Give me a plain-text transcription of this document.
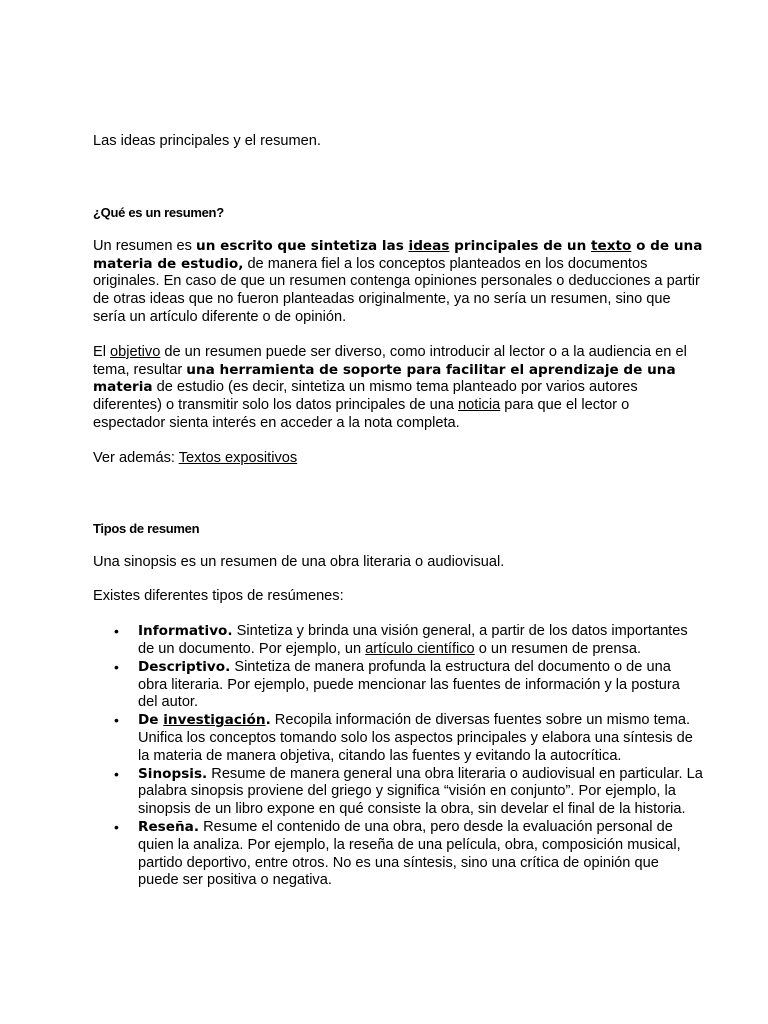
Las ideas principales y el resumen.

¿Qué es un resumen?

Un resumen es un escrito que sintetiza las ideas principales de un texto o de una materia de estudio, de manera fiel a los conceptos planteados en los documentos originales. En caso de que un resumen contenga opiniones personales o deducciones a partir de otras ideas que no fueron planteadas originalmente, ya no sería un resumen, sino que sería un artículo diferente o de opinión.

El objetivo de un resumen puede ser diverso, como introducir al lector o a la audiencia en el tema, resultar una herramienta de soporte para facilitar el aprendizaje de una materia de estudio (es decir, sintetiza un mismo tema planteado por varios autores diferentes) o transmitir solo los datos principales de una noticia para que el lector o espectador sienta interés en acceder a la nota completa.

Ver además: Textos expositivos

Tipos de resumen

Una sinopsis es un resumen de una obra literaria o audiovisual.

Existes diferentes tipos de resúmenes:

• Informativo. Sintetiza y brinda una visión general, a partir de los datos importantes de un documento. Por ejemplo, un artículo científico o un resumen de prensa.
• Descriptivo. Sintetiza de manera profunda la estructura del documento o de una obra literaria. Por ejemplo, puede mencionar las fuentes de información y la postura del autor.
• De investigación. Recopila información de diversas fuentes sobre un mismo tema. Unifica los conceptos tomando solo los aspectos principales y elabora una síntesis de la materia de manera objetiva, citando las fuentes y evitando la autocrítica.
• Sinopsis. Resume de manera general una obra literaria o audiovisual en particular. La palabra sinopsis proviene del griego y significa “visión en conjunto”. Por ejemplo, la sinopsis de un libro expone en qué consiste la obra, sin develar el final de la historia.
• Reseña. Resume el contenido de una obra, pero desde la evaluación personal de quien la analiza. Por ejemplo, la reseña de una película, obra, composición musical, partido deportivo, entre otros. No es una síntesis, sino una crítica de opinión que puede ser positiva o negativa.
